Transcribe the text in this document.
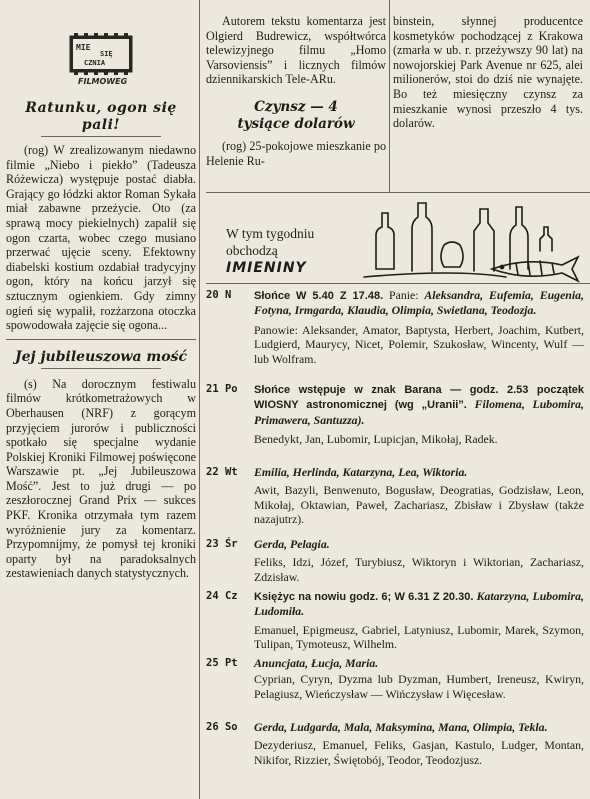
MIE
SIĘ
CZNIA
FILMOWEG

Ratunku, ogon się pali!

(rog) W zrealizowanym niedawno filmie „Niebo i piekło” (Tadeusza Różewicza) występuje postać diabła. Grający go łódzki aktor Roman Sykała miał zabawne przeżycie. Oto (za sprawą mocy piekielnych) zapalił się ogon czarta, wobec czego musiano przerwać ujęcie sceny. Efektowny diabelski kostium ozdabiał tradycyjny ogon, który na końcu jarzył się sztucznym ogienkiem. Gdy zimny ogień się wypalił, rozżarzona otoczka spowodowała zajęcie się ogona...

Jej jubileuszowa mość

(s) Na dorocznym festiwalu filmów krótkometrażowych w Oberhausen (NRF) z gorącym przyjęciem jurorów i publiczności spotkało się specjalne wydanie Polskiej Kroniki Filmowej poświęcone Warszawie pt. „Jej Jubileuszowa Mość”. Jest to już drugi — po zeszłorocznej Grand Prix — sukces PKF. Kronika otrzymała tym razem wyróżnienie jury za komentarz. Przypomnijmy, że pomysł tej kroniki oparty był na paradoksalnych zestawieniach danych statystycznych.

Autorem tekstu komentarza jest Olgierd Budrewicz, współtwórca telewizyjnego filmu „Homo Varsoviensis” i licznych filmów dziennikarskich Tele-ARu.

Czynsz — 4 tysiące dolarów

(rog) 25-pokojowe mieszkanie po Helenie Ru-

binstein, słynnej producentce kosmetyków pochodzącej z Krakowa (zmarła w ub. r. przeżywszy 90 lat) na nowojorskiej Park Avenue nr 625, alei milionerów, stoi do dziś nie wynajęte. Bo też miesięczny czynsz za mieszkanie wynosi przeszło 4 tys. dolarów.

W tym tygodniu obchodzą
IMIENINY
20 N	Słońce W 5.40 Z 17.48. Panie: Aleksandra, Eufemia, Eugenia, Fotyna, Irmgarda, Klaudia, Olimpia, Swietlana, Teodozja.

Panowie: Aleksander, Amator, Baptysta, Herbert, Joachim, Kutbert, Ludgierd, Maurycy, Nicet, Polemir, Szukosław, Wincenty, Wulf — lub Wolfram.

21 Po	Słońce wstępuje w znak Barana — godz. 2.53 początek WIOSNY astronomicznej (wg „Uranii”. Filomena, Lubomira, Primawera, Santuzza).

Benedykt, Jan, Lubomir, Lupicjan, Mikołaj, Radek.

22 Wt	Emilia, Herlinda, Katarzyna, Lea, Wiktoria.

Awit, Bazyli, Benwenuto, Bogusław, Deogratias, Godzisław, Leon, Mikołaj, Oktawian, Paweł, Zachariasz, Zbisław i Zbysław (także nazajutrz).

23 Śr	Gerda, Pelagia.

Feliks, Idzi, Józef, Turybiusz, Wiktoryn i Wiktorian, Zachariasz, Zdzisław.

24 Cz	Księżyc na nowiu godz. 6; W 6.31 Z 20.30. Katarzyna, Lubomira, Ludomiła.

Emanuel, Epigmeusz, Gabriel, Latyniusz, Lubomir, Marek, Szymon, Tulipan, Tymoteusz, Wilhelm.

25 Pt	Anuncjata, Łucja, Maria.

Cyprian, Cyryn, Dyzma lub Dyzman, Humbert, Ireneusz, Kwiryn, Pelagiusz, Wieńczysław — Wińczysław i Więcesław.

26 So	Gerda, Ludgarda, Mala, Maksymina, Mana, Olimpia, Tekla.

Dezyderiusz, Emanuel, Feliks, Gasjan, Kastulo, Ludger, Montan, Nikifor, Rizzier, Świętobój, Teodor, Teodozjusz.
